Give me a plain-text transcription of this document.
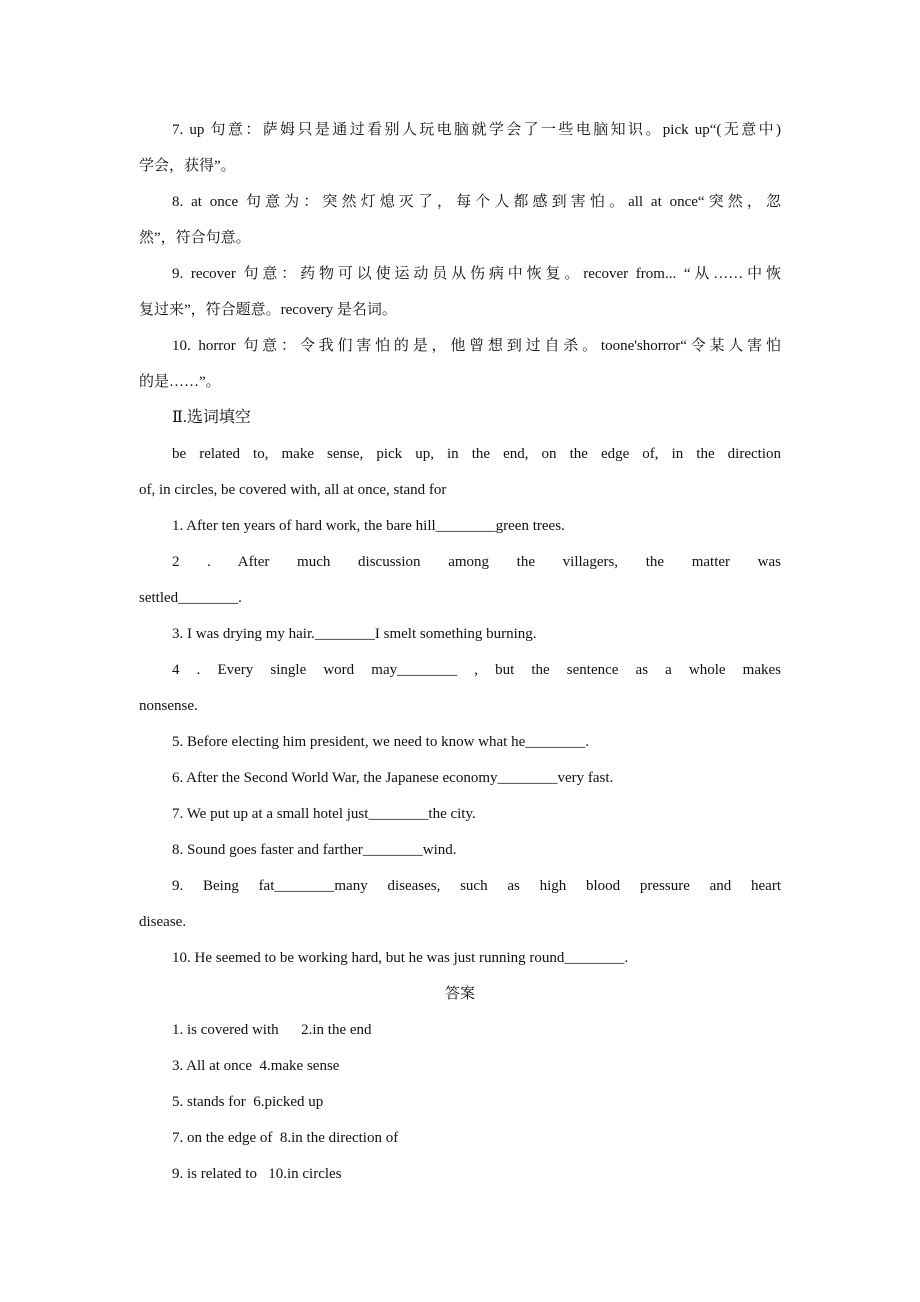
7. up 句意：萨姆只是通过看别人玩电脑就学会了一些电脑知识。pick up“(无意中)
学会，获得”。
8. at once 句意为：突然灯熄灭了，每个人都感到害怕。all at once“突然，忽
然”，符合句意。
9. recover 句意：药物可以使运动员从伤病中恢复。recover from... “从……中恢
复过来”，符合题意。recovery 是名词。
10. horror 句意：令我们害怕的是，他曾想到过自杀。toone'shorror“令某人害怕
的是……”。
Ⅱ.选词填空
be related to, make sense, pick up, in the end, on the edge of, in the direction
of, in circles, be covered with, all at once, stand for
1. After ten years of hard work, the bare hill________green trees.
2 . After much discussion among the villagers, the matter was
settled________.
3. I was drying my hair.________I smelt something burning.
4 . Every single word may________ , but the sentence as a whole makes
nonsense.
5. Before electing him president, we need to know what he________.
6. After the Second World War, the Japanese economy________very fast.
7. We put up at a small hotel just________the city.
8. Sound goes faster and farther________wind.
9. Being fat________many diseases, such as high blood pressure and heart
disease.
10. He seemed to be working hard, but he was just running round________.
答案
1. is covered with      2.in the end
3. All at once  4.make sense
5. stands for  6.picked up
7. on the edge of  8.in the direction of
9. is related to   10.in circles
